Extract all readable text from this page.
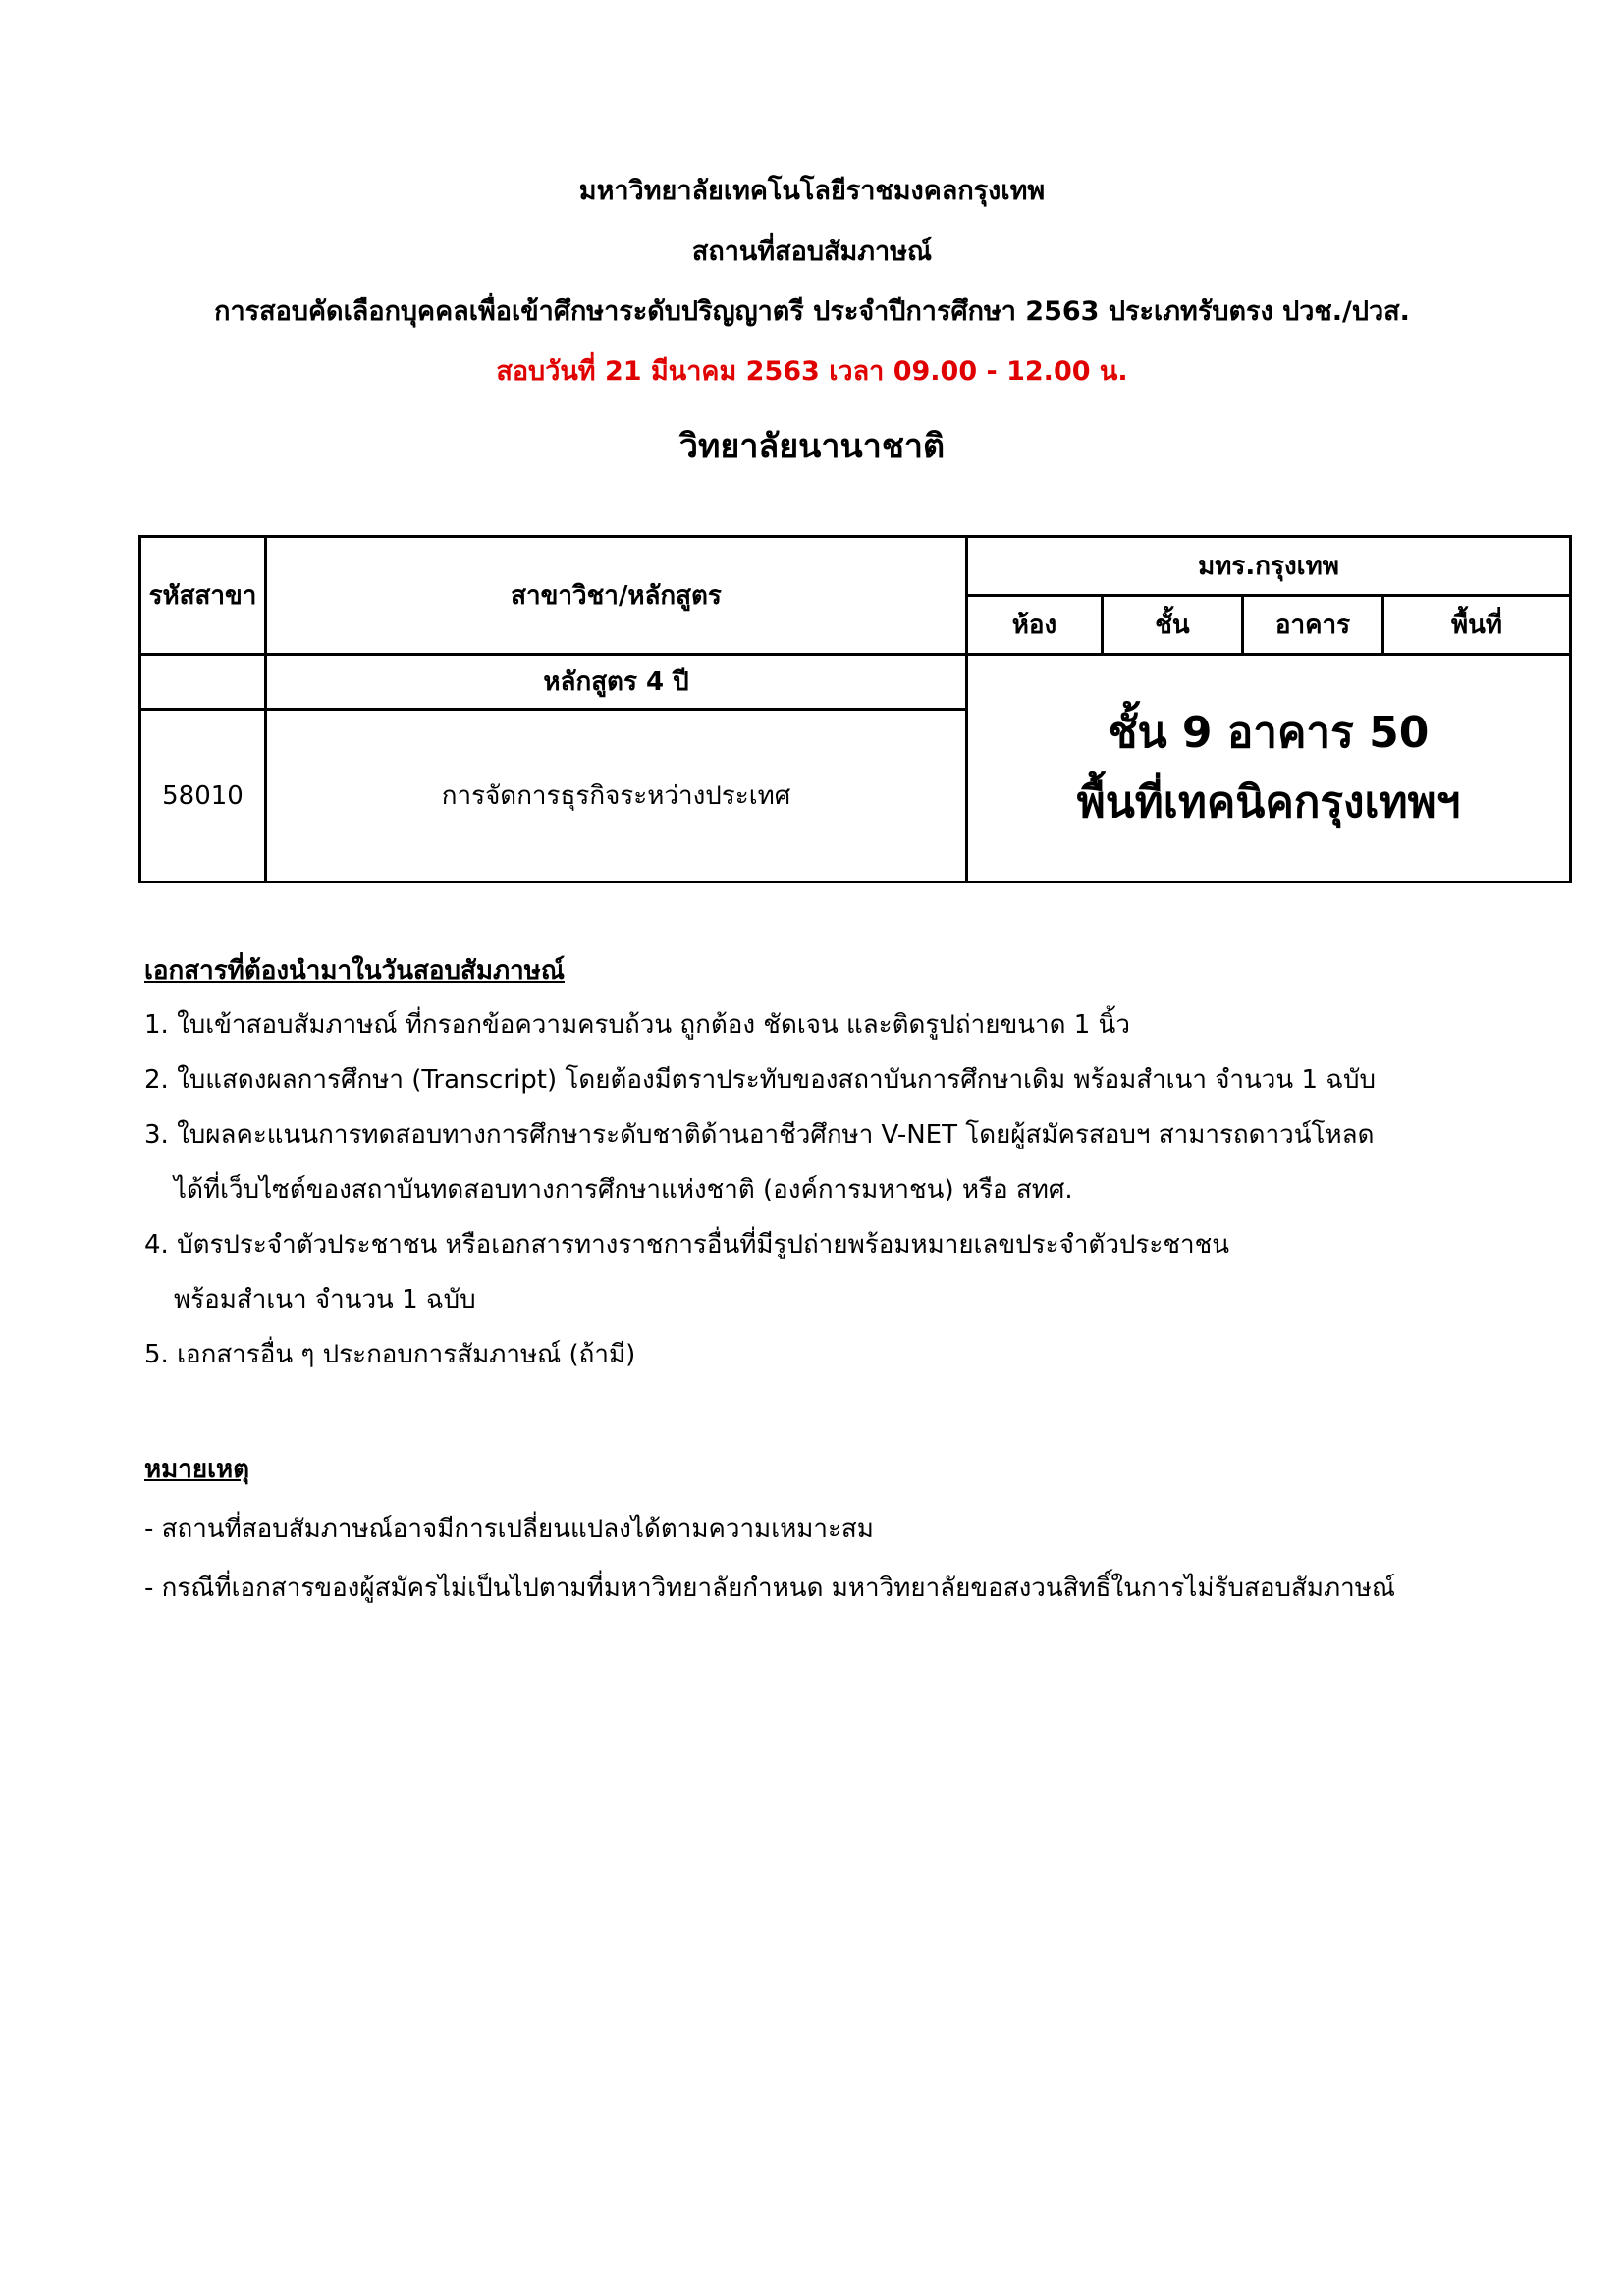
มหาวิทยาลัยเทคโนโลยีราชมงคลกรุงเทพ
สถานที่สอบสัมภาษณ์
การสอบคัดเลือกบุคคลเพื่อเข้าศึกษาระดับปริญญาตรี ประจำปีการศึกษา 2563 ประเภทรับตรง ปวช./ปวส.
สอบวันที่ 21 มีนาคม 2563 เวลา 09.00 - 12.00 น.
วิทยาลัยนานาชาติ
รหัสสาขา	สาขาวิชา/หลักสูตร	มทร.กรุงเทพ			
		ห้อง	ชั้น	อาคาร	พื้นที่
	หลักสูตร 4 ปี	ชั้น 9 อาคาร 50
พื้นที่เทคนิคกรุงเทพฯ			

58010	การจัดการธุรกิจระหว่างประเทศ				
เอกสารที่ต้องนำมาในวันสอบสัมภาษณ์
1. ใบเข้าสอบสัมภาษณ์ ที่กรอกข้อความครบถ้วน ถูกต้อง ชัดเจน และติดรูปถ่ายขนาด 1 นิ้ว
2. ใบแสดงผลการศึกษา (Transcript) โดยต้องมีตราประทับของสถาบันการศึกษาเดิม พร้อมสำเนา จำนวน 1 ฉบับ
3. ใบผลคะแนนการทดสอบทางการศึกษาระดับชาติด้านอาชีวศึกษา V-NET โดยผู้สมัครสอบฯ สามารถดาวน์โหลด
ได้ที่เว็บไซต์ของสถาบันทดสอบทางการศึกษาแห่งชาติ (องค์การมหาชน) หรือ สทศ.
4. บัตรประจำตัวประชาชน หรือเอกสารทางราชการอื่นที่มีรูปถ่ายพร้อมหมายเลขประจำตัวประชาชน
พร้อมสำเนา จำนวน 1 ฉบับ
5. เอกสารอื่น ๆ ประกอบการสัมภาษณ์ (ถ้ามี)
หมายเหตุ
- สถานที่สอบสัมภาษณ์อาจมีการเปลี่ยนแปลงได้ตามความเหมาะสม
- กรณีที่เอกสารของผู้สมัครไม่เป็นไปตามที่มหาวิทยาลัยกำหนด มหาวิทยาลัยขอสงวนสิทธิ์ในการไม่รับสอบสัมภาษณ์
